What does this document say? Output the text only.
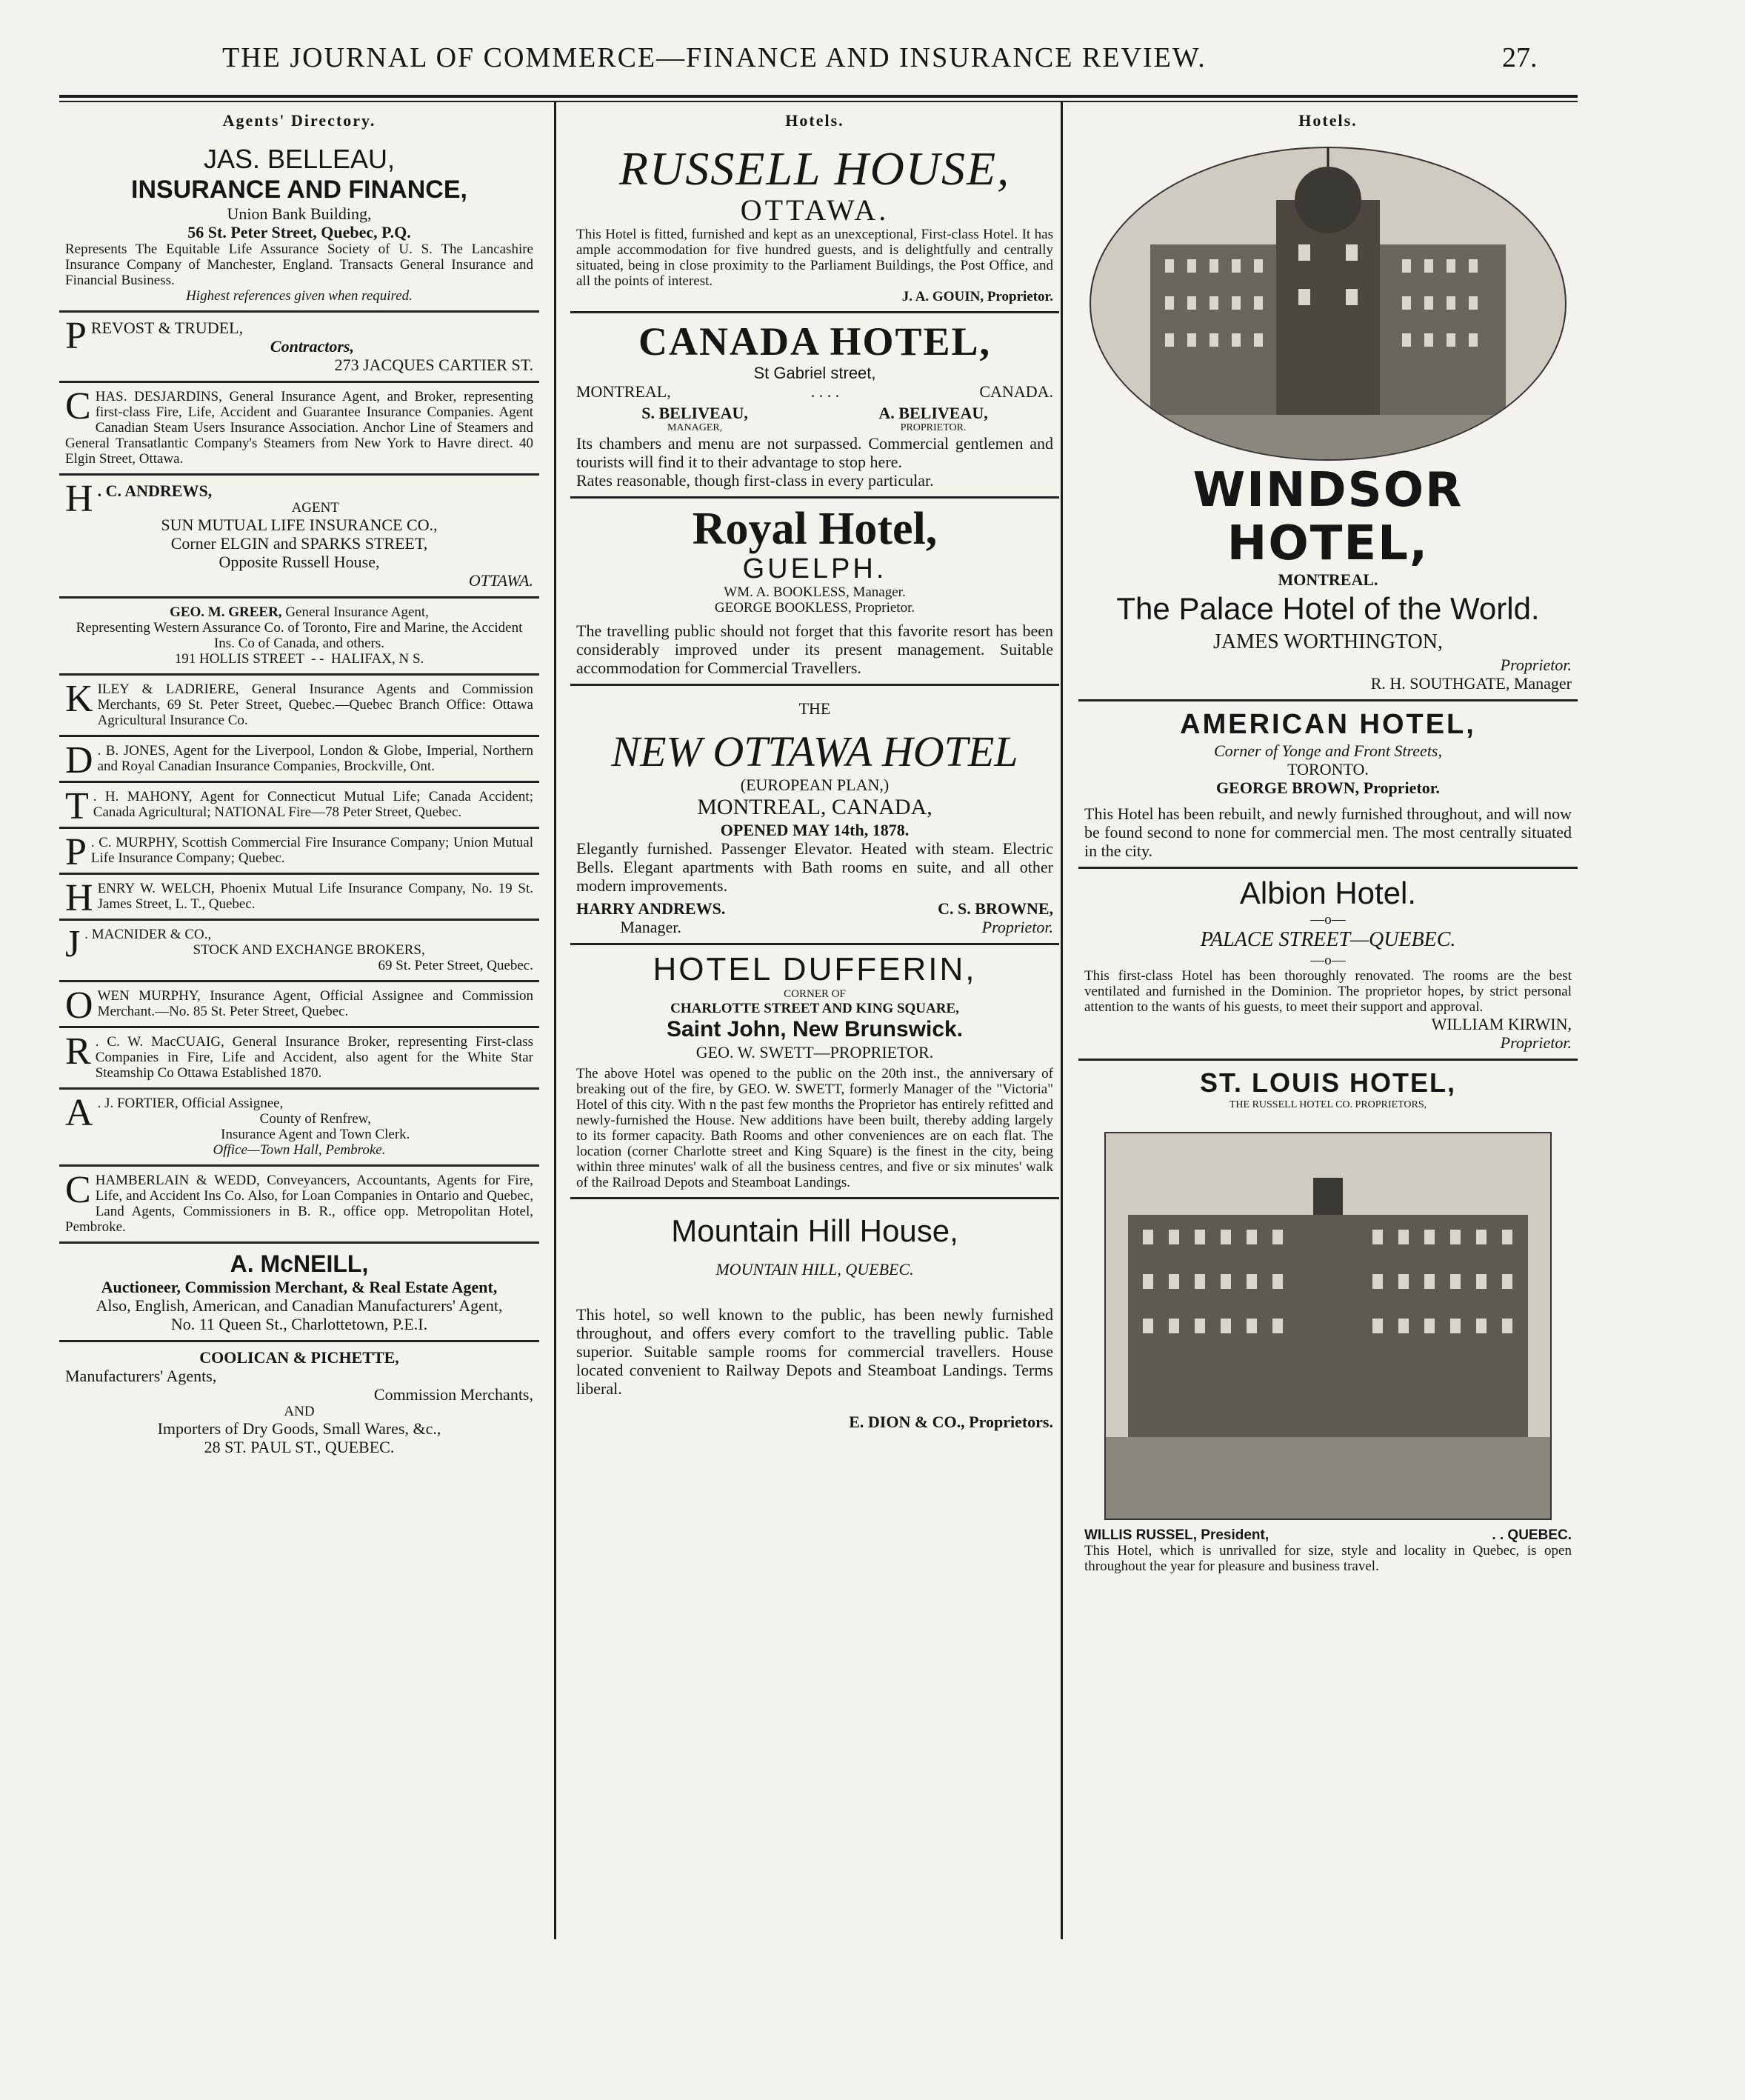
THE JOURNAL OF COMMERCE—FINANCE AND INSURANCE REVIEW.	27.
Agents' Directory.

JAS. BELLEAU,

INSURANCE AND FINANCE,

Union Bank Building,

56 St. Peter Street, Quebec, P.Q.

Represents The Equitable Life Assurance Society of U. S. The Lancashire Insurance Company of Manchester, England. Transacts General Insurance and Financial Business.

Highest references given when required.

PREVOST & TRUDEL,

Contractors,

273 JACQUES CARTIER ST.

CHAS. DESJARDINS, General Insurance Agent, and Broker, representing first-class Fire, Life, Accident and Guarantee Insurance Companies. Agent Canadian Steam Users Insurance Association. Anchor Line of Steamers and General Transatlantic Company's Steamers from New York to Havre direct. 40 Elgin Street, Ottawa.

H . C. ANDREWS,

AGENT

SUN MUTUAL LIFE INSURANCE CO.,

Corner ELGIN and SPARKS STREET,

Opposite Russell House,

OTTAWA.

GEO. M. GREER, General Insurance Agent,

Representing Western Assurance Co. of Toronto, Fire and Marine, the Accident Ins. Co of Canada, and others.

191 HOLLIS STREET  - -  HALIFAX, N S.

KILEY & LADRIERE, General Insurance Agents and Commission Merchants, 69 St. Peter Street, Quebec.—Quebec Branch Office: Ottawa Agricultural Insurance Co.
D . B. JONES, Agent for the Liverpool, London & Globe, Imperial, Northern and Royal Canadian Insurance Companies, Brockville, Ont.
T . H. MAHONY, Agent for Connecticut Mutual Life; Canada Accident; Canada Agricultural; NATIONAL Fire—78 Peter Street, Quebec.
P . C. MURPHY, Scottish Commercial Fire Insurance Company; Union Mutual Life Insurance Company; Quebec.
HENRY W. WELCH, Phoenix Mutual Life Insurance Company, No. 19 St. James Street, L. T., Quebec.

J . MACNIDER & CO.,

STOCK AND EXCHANGE BROKERS,

69 St. Peter Street, Quebec.

OWEN MURPHY, Insurance Agent, Official Assignee and Commission Merchant.—No. 85 St. Peter Street, Quebec.
R . C. W. MacCUAIG, General Insurance Broker, representing First-class Companies in Fire, Life and Accident, also agent for the White Star Steamship Co Ottawa Established 1870.

A . J. FORTIER, Official Assignee,

County of Renfrew,

Insurance Agent and Town Clerk.

Office—Town Hall, Pembroke.

CHAMBERLAIN & WEDD, Conveyancers, Accountants, Agents for Fire, Life, and Accident Ins Co. Also, for Loan Companies in Ontario and Quebec, Land Agents, Commissioners in B. R., office opp. Metropolitan Hotel, Pembroke.

A. McNEILL,

Auctioneer, Commission Merchant, & Real Estate Agent,

Also, English, American, and Canadian Manufacturers' Agent,

No. 11 Queen St., Charlottetown, P.E.I.

COOLICAN & PICHETTE,

Manufacturers' Agents,

Commission Merchants,

AND

Importers of Dry Goods, Small Wares, &c.,

28 ST. PAUL ST., QUEBEC.

Hotels.

RUSSELL HOUSE,

OTTAWA.

This Hotel is fitted, furnished and kept as an unexceptional, First-class Hotel. It has ample accommodation for five hundred guests, and is delightfully and centrally situated, being in close proximity to the Parliament Buildings, the Post Office, and all the points of interest.

J. A. GOUIN, Proprietor.

CANADA HOTEL,

St Gabriel street,

MONTREAL,	. . . .	CANADA.

S. BELIVEAU,

MANAGER,

A. BELIVEAU,

PROPRIETOR.

Its chambers and menu are not surpassed. Commercial gentlemen and tourists will find it to their advantage to stop here.

Rates reasonable, though first-class in every particular.

Royal Hotel,

GUELPH.

WM. A. BOOKLESS, Manager.

GEORGE BOOKLESS, Proprietor.

The travelling public should not forget that this favorite resort has been considerably improved under its present management. Suitable accommodation for Commercial Travellers.

THE

NEW OTTAWA HOTEL

(EUROPEAN PLAN,)

MONTREAL, CANADA,

OPENED MAY 14th, 1878.

Elegantly furnished. Passenger Elevator. Heated with steam. Electric Bells. Elegant apartments with Bath rooms en suite, and all other modern improvements.

HARRY ANDREWS.

Manager.

C. S. BROWNE,

Proprietor.

HOTEL DUFFERIN,

CORNER OF

CHARLOTTE STREET AND KING SQUARE,

Saint John, New Brunswick.

GEO. W. SWETT—PROPRIETOR.

The above Hotel was opened to the public on the 20th inst., the anniversary of breaking out of the fire, by GEO. W. SWETT, formerly Manager of the "Victoria" Hotel of this city. With n the past few months the Proprietor has entirely refitted and newly-furnished the House. New additions have been built, thereby adding largely to its former capacity. Bath Rooms and other conveniences are on each flat. The location (corner Charlotte street and King Square) is the finest in the city, being within three minutes' walk of all the business centres, and five or six minutes' walk of the Railroad Depots and Steamboat Landings.

Mountain Hill House,

MOUNTAIN HILL, QUEBEC.

This hotel, so well known to the public, has been newly furnished throughout, and offers every comfort to the travelling public. Table superior. Suitable sample rooms for commercial travellers. House located convenient to Railway Depots and Steamboat Landings. Terms liberal.

E. DION & CO., Proprietors.

Hotels.

WINDSOR HOTEL,

MONTREAL.

The Palace Hotel of the World.

JAMES WORTHINGTON,

Proprietor.

R. H. SOUTHGATE, Manager

AMERICAN HOTEL,

Corner of Yonge and Front Streets,

TORONTO.

GEORGE BROWN, Proprietor.

This Hotel has been rebuilt, and newly furnished throughout, and will now be found second to none for commercial men. The most centrally situated in the city.

Albion Hotel.

—o—

PALACE STREET—QUEBEC.

—o—

This first-class Hotel has been thoroughly renovated. The rooms are the best ventilated and furnished in the Dominion. The proprietor hopes, by strict personal attention to the wants of his guests, to meet their support and approval.

WILLIAM KIRWIN,

Proprietor.

ST. LOUIS HOTEL,

THE RUSSELL HOTEL CO. PROPRIETORS,

WILLIS RUSSEL, President,	. . QUEBEC.

This Hotel, which is unrivalled for size, style and locality in Quebec, is open throughout the year for pleasure and business travel.
